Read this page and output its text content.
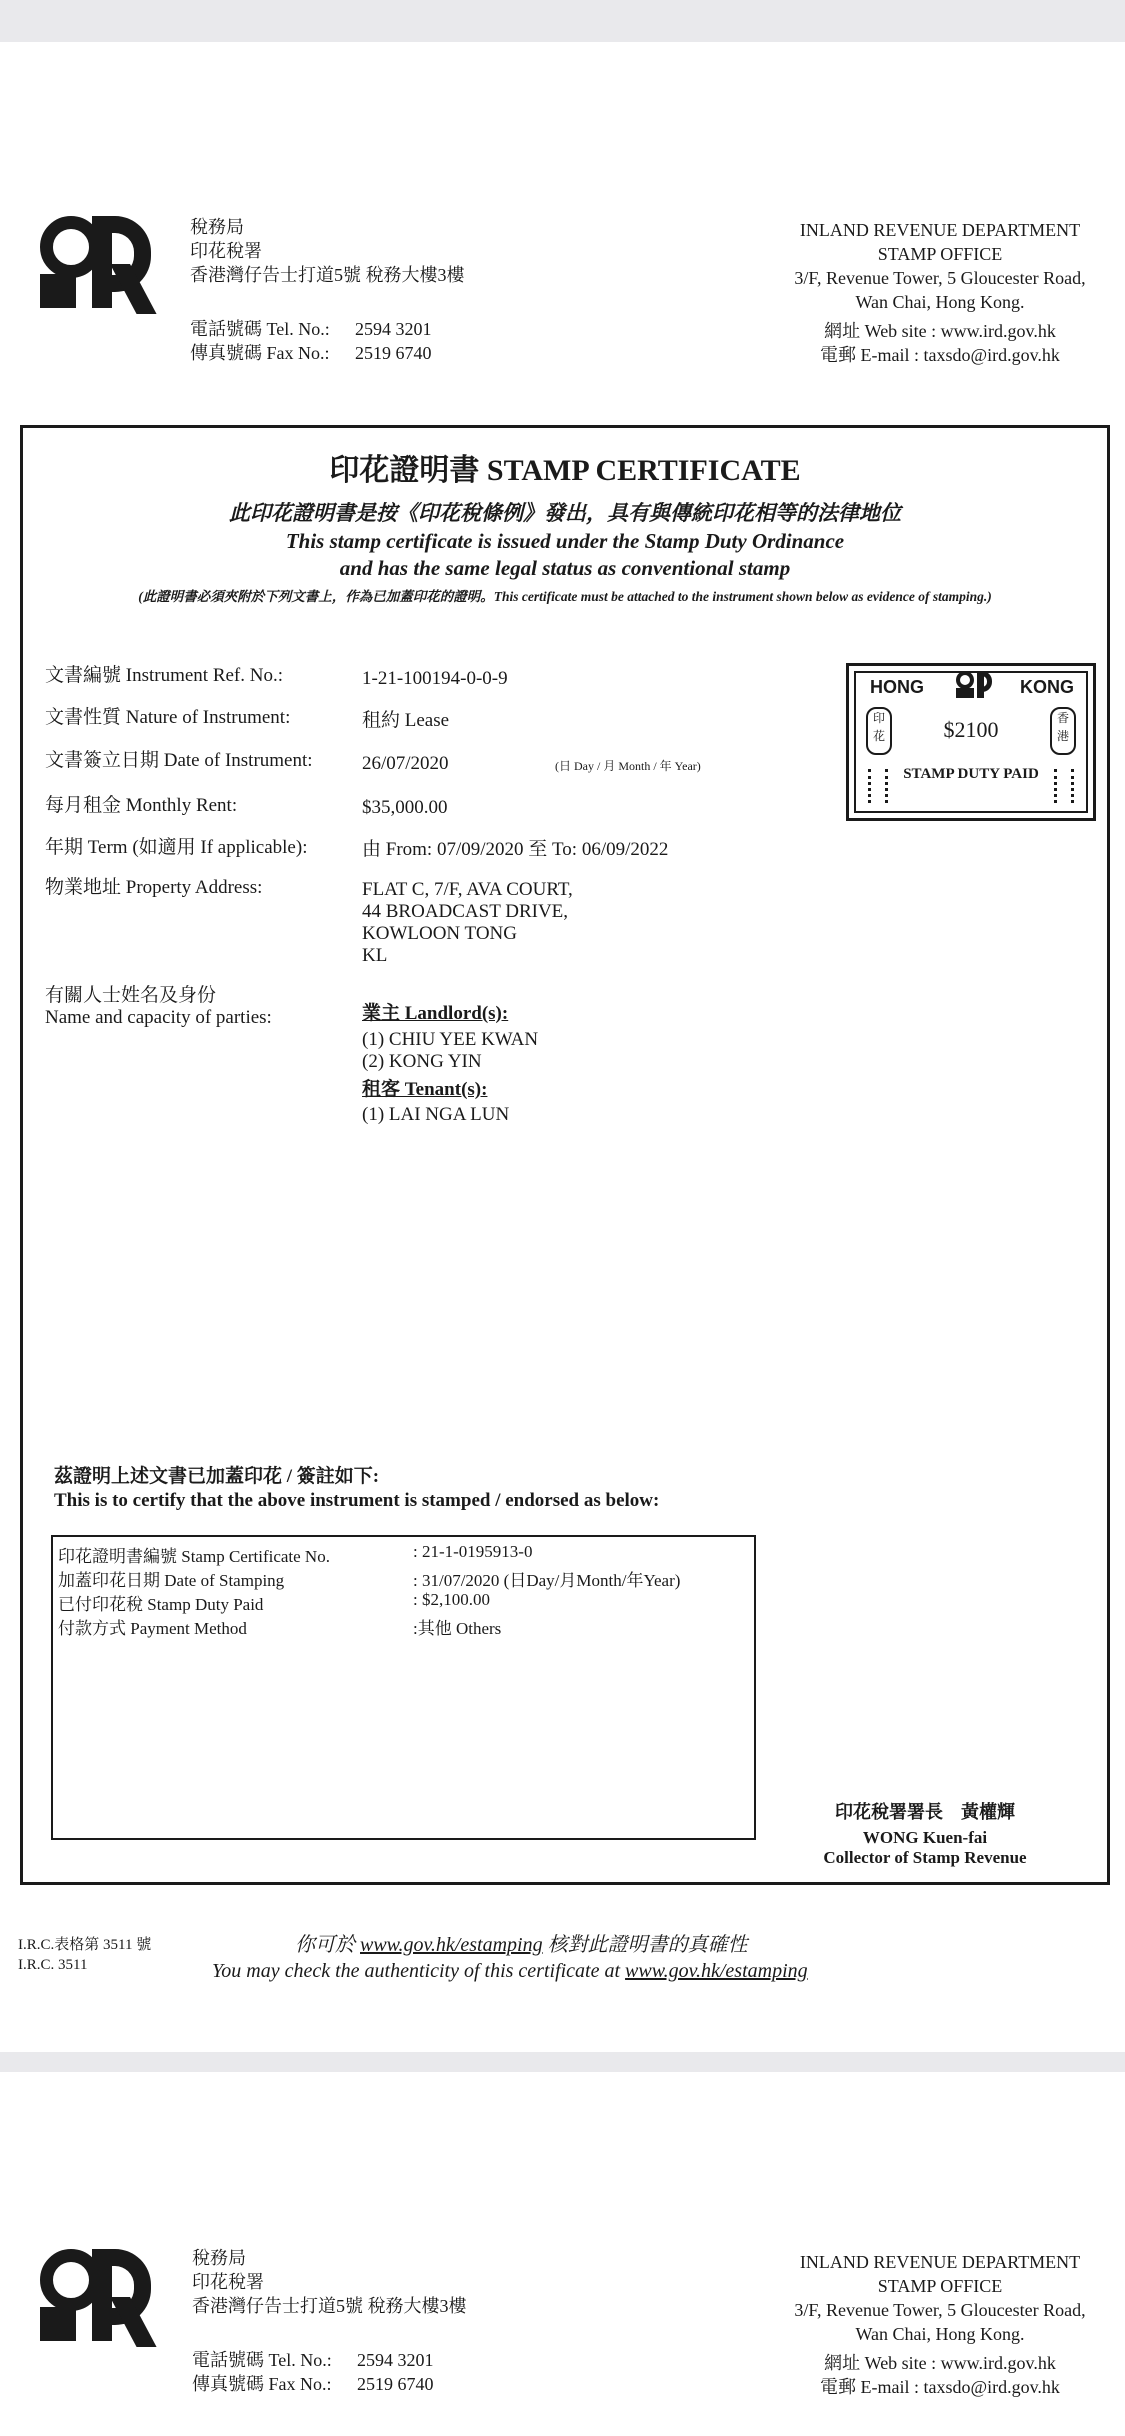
稅務局
印花稅署
香港灣仔告士打道5號 稅務大樓3樓
電話號碼 Tel. No.: 2594 3201
傳真號碼 Fax No.: 2519 6740
INLAND REVENUE DEPARTMENT
STAMP OFFICE
3/F, Revenue Tower, 5 Gloucester Road,
Wan Chai, Hong Kong.
網址 Web site : www.ird.gov.hk
電郵 E-mail : taxsdo@ird.gov.hk
印花證明書 STAMP CERTIFICATE
此印花證明書是按《印花稅條例》發出，具有與傳統印花相等的法律地位
This stamp certificate is issued under the Stamp Duty Ordinance
and has the same legal status as conventional stamp
(此證明書必須夾附於下列文書上，作為已加蓋印花的證明。This certificate must be attached to the instrument shown below as evidence of stamping.)
文書編號 Instrument Ref. No.:	1-21-100194-0-0-9
文書性質 Nature of Instrument:	租約 Lease
文書簽立日期 Date of Instrument:	26/07/2020	(日 Day / 月 Month / 年 Year)
每月租金 Monthly Rent:	$35,000.00
年期 Term (如適用 If applicable):	由 From: 07/09/2020 至 To: 06/09/2022
物業地址 Property Address:	FLAT C, 7/F, AVA COURT,
44 BROADCAST DRIVE,
KOWLOON TONG
KL
有關人士姓名及身份
Name and capacity of parties:	業主 Landlord(s):
(1) CHIU YEE KWAN
(2) KONG YIN
租客 Tenant(s):
(1) LAI NGA LUN
HONG	KONG
印花
香港
$2100
STAMP DUTY PAID
茲證明上述文書已加蓋印花 / 簽註如下:
This is to certify that the above instrument is stamped / endorsed as below:
印花證明書編號 Stamp Certificate No.	: 21-1-0195913-0
加蓋印花日期 Date of Stamping	: 31/07/2020 (日Day/月Month/年Year)
已付印花稅 Stamp Duty Paid	: $2,100.00
付款方式 Payment Method	:其他 Others
印花稅署署長　黃權輝
WONG Kuen-fai
Collector of Stamp Revenue
I.R.C.表格第 3511 號
I.R.C. 3511
你可於 www.gov.hk/estamping 核對此證明書的真確性
You may check the authenticity of this certificate at www.gov.hk/estamping
稅務局
印花稅署
香港灣仔告士打道5號 稅務大樓3樓
電話號碼 Tel. No.: 2594 3201
傳真號碼 Fax No.: 2519 6740
INLAND REVENUE DEPARTMENT
STAMP OFFICE
3/F, Revenue Tower, 5 Gloucester Road,
Wan Chai, Hong Kong.
網址 Web site : www.ird.gov.hk
電郵 E-mail : taxsdo@ird.gov.hk
